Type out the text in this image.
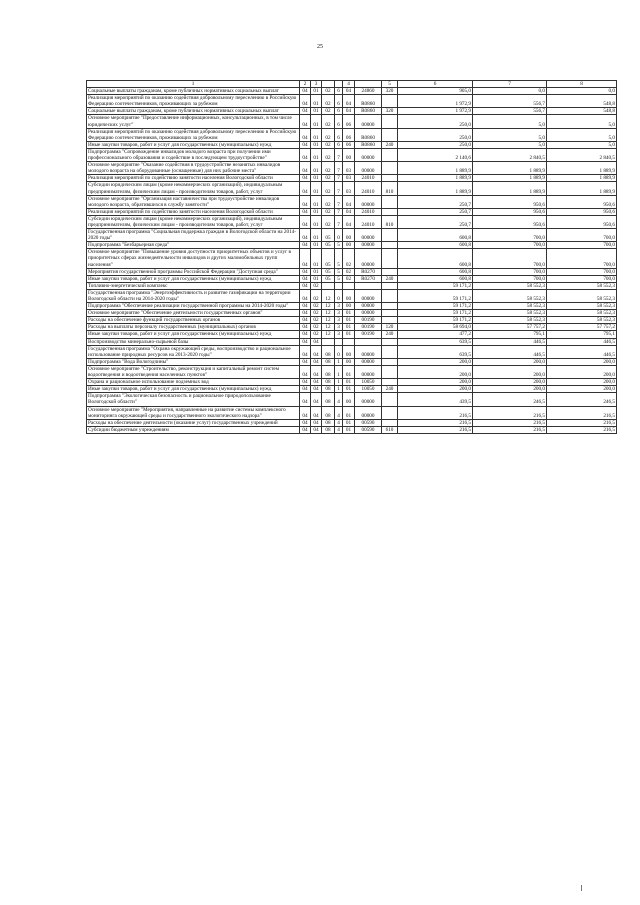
25
1	2	3			4		5	6	7	8
Социальные выплаты гражданам, кроме публичных нормативных социальных выплат	04	01	02	6	04	24860	320	905,0	0,0	0,0
Реализация мероприятий по оказанию содействия добровольному переселению в Российскую Федерацию соотечественников, проживающих за рубежом	04	01	02	6	04	R0860		1 972,9	556,7	548,8
Социальные выплаты гражданам, кроме публичных нормативных социальных выплат	04	01	02	6	04	R0860	320	1 972,9	556,7	548,8
Основное мероприятие "Предоставление информационных, консультационных, в том числе юридических услуг"	04	01	02	6	06	00000		250,0	5,0	5,0
Реализация мероприятий по оказанию содействия добровольному переселению в Российскую Федерацию соотечественников, проживающих за рубежом	04	01	02	6	06	R0860		250,0	5,0	5,0
Иные закупки товаров, работ и услуг для государственных (муниципальных) нужд	04	01	02	6	06	R0860	240	250,0	5,0	5,0
Подпрограмма "Сопровождение инвалидов молодого возраста при получении ими профессионального образования и содействие в последующем трудоустройстве"	04	01	02	7	00	00000		2 140,6	2 840,5	2 840,5
Основное мероприятие "Оказание содействия в трудоустройстве незанятых инвалидов молодого возраста на оборудованные (оснащенные) для них рабочие места"	04	01	02	7	03	00000		1 889,9	1 889,9	1 889,9
Реализация мероприятий по содействию занятости населения Вологодской области	04	01	02	7	03	24010		1 889,9	1 889,9	1 889,9
Субсидии юридическим лицам (кроме некоммерческих организаций), индивидуальным предпринимателям, физическим лицам - производителям товаров, работ, услуг	04	01	02	7	03	24010	810	1 889,9	1 889,9	1 889,9
Основное мероприятие "Организация наставничества при трудоустройстве инвалидов молодого возраста, обратившихся в службу занятости"	04	01	02	7	04	00000		250,7	950,6	950,6
Реализация мероприятий по содействию занятости населения Вологодской области	04	01	02	7	04	24010		250,7	950,6	950,6
Субсидии юридическим лицам (кроме некоммерческих организаций), индивидуальным предпринимателям, физическим лицам - производителям товаров, работ, услуг	04	01	02	7	04	24010	810	250,7	950,6	950,6
Государственная программа "Социальная поддержка граждан в Вологодской области на 2014-2020 годы"	04	01	05	0	00	00000		600,8	700,0	700,0
Подпрограмма "Безбарьерная среда"	04	01	05	5	00	00000		600,8	700,0	700,0
Основное мероприятие "Повышение уровня доступности приоритетных объектов и услуг в приоритетных сферах жизнедеятельности инвалидов и других маломобильных групп населения"	04	01	05	5	02	00000		600,8	700,0	700,0
Мероприятия государственной программы Российской Федерации "Доступная среда"	04	01	05	5	02	R0270		600,8	700,0	700,0
Иные закупки товаров, работ и услуг для государственных (муниципальных) нужд	04	01	05	5	02	R0270	240	600,8	700,0	700,0
Топливно-энергетический комплекс	04	02						59 171,2	58 552,3	58 552,3
Государственная программа "Энергоэффективность и развитие газификации на территории Вологодской области на 2014-2020 годы"	04	02	12	0	00	00000		59 171,2	58 552,3	58 552,3
Подпрограмма "Обеспечение реализации государственной программы на 2014-2020 годы"	04	02	12	3	00	00000		59 171,2	58 552,3	58 552,3
Основное мероприятие "Обеспечение деятельности государственных органов"	04	02	12	3	01	00000		59 171,2	58 552,3	58 552,3
Расходы на обеспечение функций государственных органов	04	02	12	3	01	00190		59 171,2	58 552,3	58 552,3
Расходы на выплаты персоналу государственных (муниципальных) органов	04	02	12	3	01	00190	120	58 694,0	57 757,2	57 757,2
Иные закупки товаров, работ и услуг для государственных (муниципальных) нужд	04	02	12	3	01	00190	240	477,2	795,1	795,1
Воспроизводство минерально-сырьевой базы	04	04						639,5	446,5	446,5
Государственная программа "Охрана окружающей среды, воспроизводство и рациональное использование природных ресурсов на 2013-2020 годы"	04	04	08	0	00	00000		639,5	446,5	446,5
Подпрограмма "Вода Вологодчины"	04	04	08	1	00	00000		200,0	200,0	200,0
Основное мероприятие "Строительство, реконструкция и капитальный ремонт систем водоотведения и водоотведения населенных пунктов"	04	04	08	1	01	00000		200,0	200,0	200,0
Охрана и рациональное использование подземных вод	04	04	08	1	01	10050		200,0	200,0	200,0
Иные закупки товаров, работ и услуг для государственных (муниципальных) нужд	04	04	08	1	01	10050	240	200,0	200,0	200,0
Подпрограмма "Экологическая безопасность и рациональное природопользование Вологодской области"	04	04	08	4	00	00000		439,5	246,5	246,5
Основное мероприятие "Мероприятия, направленные на развитие системы комплексного мониторинга окружающей среды и государственного экологического надзора"	04	04	08	4	01	00000		216,5	216,5	216,5
Расходы на обеспечение деятельности (оказание услуг) государственных учреждений	04	04	08	4	01	00590		216,5	216,5	216,5
Субсидии бюджетным учреждениям	04	04	08	4	01	00590	610	216,5	216,5	216,5
